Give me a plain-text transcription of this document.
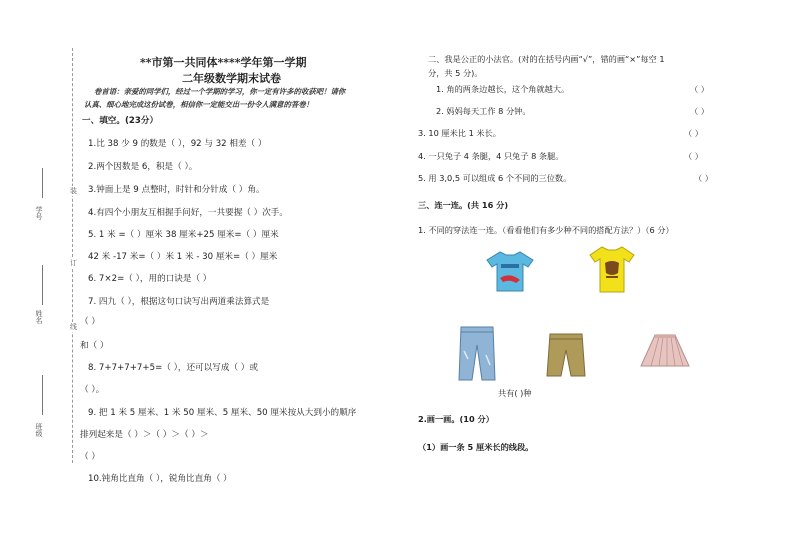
装
订
线
学号
姓名
班级
**市第一共同体****学年第一学期
二年级数学期末试卷
卷首语：亲爱的同学们，经过一个学期的学习，你一定有许多的收获吧！请你
认真、细心地完成这份试卷，相信你一定能交出一份令人满意的答卷！
一、填空。(23分）
1.比 38 少 9 的数是（ ），92 与 32 相差（ ）
2.两个因数是 6，积是（ ）。
3.钟面上是 9 点整时，时针和分针成（ ）角。
4.有四个小朋友互相握手问好，一共要握（ ）次手。
5. 1 米 =（ ）厘米 38 厘米+25 厘米=（ ）厘米
42 米 -17 米=（ ）米 1 米 - 30 厘米=（ ）厘米
6. 7×2=（ ），用的口诀是（ ）
7. 四九（ ），根据这句口诀写出两道乘法算式是
（ ）
和（ ）
8. 7+7+7+7+5=（ ），还可以写成（ ）或
（ ）。
9. 把 1 米 5 厘米、1 米 50 厘米、5 厘米、50 厘米按从大到小的顺序
排列起来是（ ）＞（ ）＞（ ）＞
（ ）
10.钝角比直角（ ），锐角比直角（ ）
二、我是公正的小法官。(对的在括号内画“√”，错的画“×”每空 1
分，共 5 分)。
1. 角的两条边越长，这个角就越大。	（ ）
2. 妈妈每天工作 8 分钟。	（ ）
3. 10 厘米比 1 米长。	（ ）
4. 一只兔子 4 条腿，4 只兔子 8 条腿。	（ ）
5. 用 3,0,5 可以组成 6 个不同的三位数。	（ ）
三、连一连。(共 16 分)
1. 不同的穿法连一连。（看看他们有多少种不同的搭配方法？）（6 分）
共有( )种
2.画一画。(10 分）
（1）画一条 5 厘米长的线段。
